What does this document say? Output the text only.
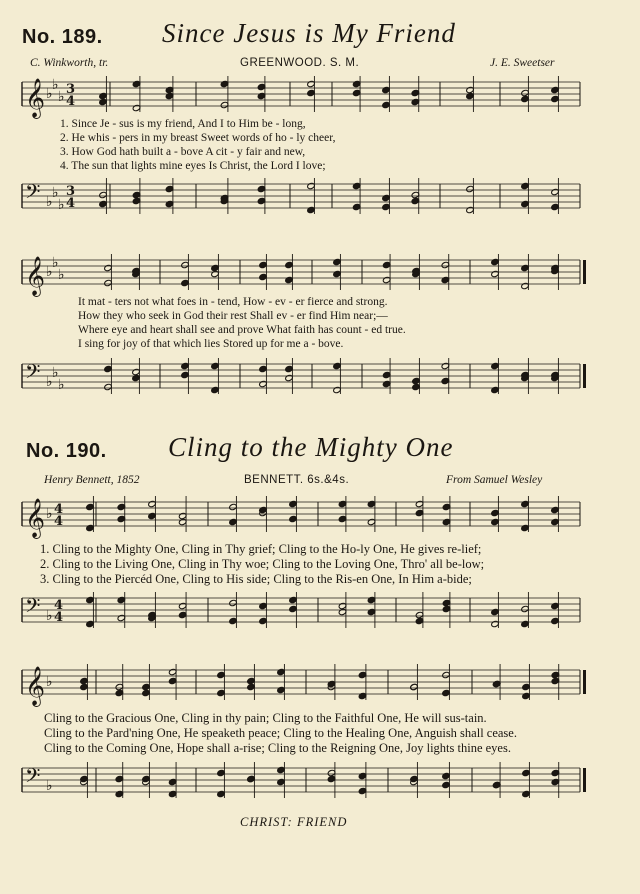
No. 189. Since Jesus is My Friend
C. Winkworth, tr.	GREENWOOD. S. M.	J. E. Sweetser
𝄞 ♭
♭
♭ 3
4
1. Since Je - sus is my friend, And I to Him be - long,
2. He whis - pers in my breast Sweet words of ho - ly cheer,
3. How God hath built a - bove A cit - y fair and new,
4. The sun that lights mine eyes Is Christ, the Lord I love;
𝄢 ♭
♭
♭
3
4
𝄞 ♭
♭
♭
It mat - ters not what foes in - tend, How - ev - er fierce and strong.
How they who seek in God their rest Shall ev - er find Him near;—
Where eye and heart shall see and prove What faith has count - ed true.
I sing for joy of that which lies Stored up for me a - bove.
𝄢 ♭
♭
♭
No. 190. Cling to the Mighty One
Henry Bennett, 1852	BENNETT. 6s.&4s.	From Samuel Wesley
𝄞 ♭ 4
4
1. Cling to the Mighty One, Cling in Thy grief; Cling to the Ho-ly One, He gives re-lief;
2. Cling to the Living One, Cling in Thy woe; Cling to the Loving One, Thro' all be-low;
3. Cling to the Piercéd One, Cling to His side; Cling to the Ris-en One, In Him a-bide;
𝄢 ♭
4
4
𝄞 ♭
Cling to the Gracious One, Cling in thy pain; Cling to the Faithful One, He will sus-tain.
Cling to the Pard'ning One, He speaketh peace; Cling to the Healing One, Anguish shall cease.
Cling to the Coming One, Hope shall a-rise; Cling to the Reigning One, Joy lights thine eyes.
𝄢 ♭
CHRIST: FRIEND
